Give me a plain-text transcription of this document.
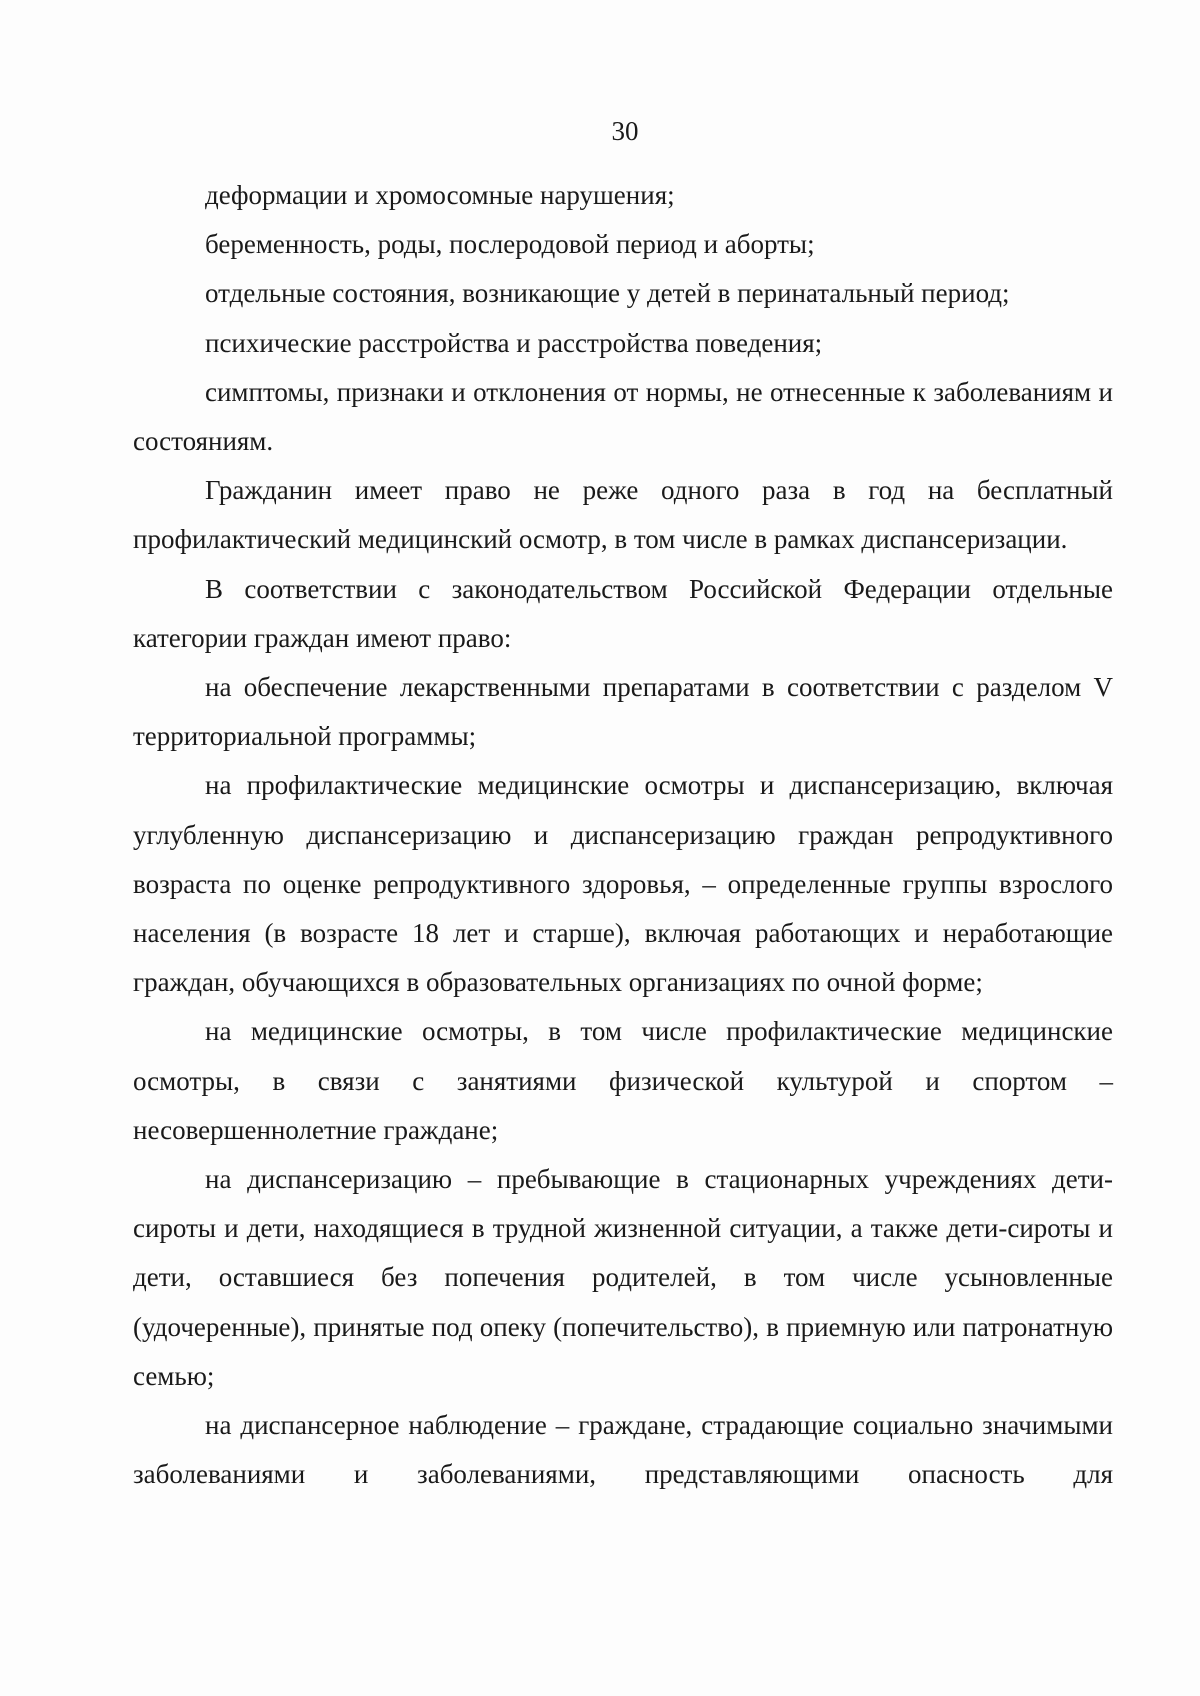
30

деформации и хромосомные нарушения;

беременность, роды, послеродовой период и аборты;

отдельные состояния, возникающие у детей в перинатальный период;

психические расстройства и расстройства поведения;

симптомы, признаки и отклонения от нормы, не отнесенные к заболеваниям и состояниям.

Гражданин имеет право не реже одного раза в год на бесплатный профилактический медицинский осмотр, в том числе в рамках диспансеризации.

В соответствии с законодательством Российской Федерации отдельные категории граждан имеют право:

на обеспечение лекарственными препаратами в соответствии с разделом V территориальной программы;

на профилактические медицинские осмотры и диспансеризацию, включая углубленную диспансеризацию и диспансеризацию граждан репродуктивного возраста по оценке репродуктивного здоровья, – определенные группы взрослого населения (в возрасте 18 лет и старше), включая работающих и неработающие граждан, обучающихся в образовательных организациях по очной форме;

на медицинские осмотры, в том числе профилактические медицинские осмотры, в связи с занятиями физической культурой и спортом – несовершеннолетние граждане;

на диспансеризацию – пребывающие в стационарных учреждениях дети-сироты и дети, находящиеся в трудной жизненной ситуации, а также дети-сироты и дети, оставшиеся без попечения родителей, в том числе усыновленные (удочеренные), принятые под опеку (попечительство), в приемную или патронатную семью;

на диспансерное наблюдение – граждане, страдающие социально значимыми заболеваниями и заболеваниями, представляющими опасность для
